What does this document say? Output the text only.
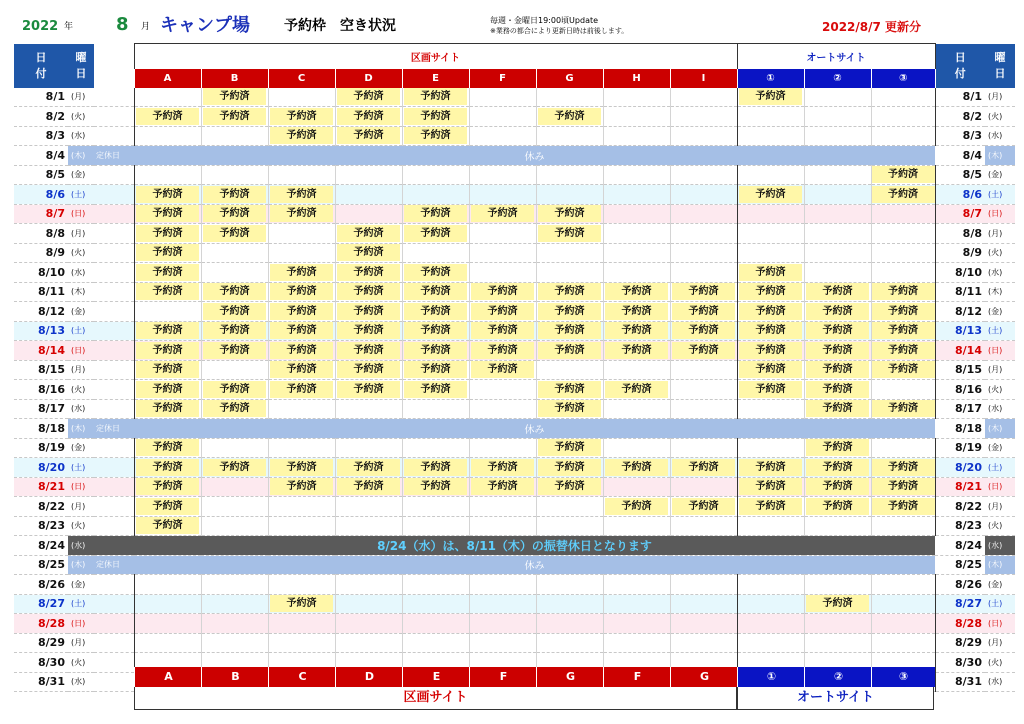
2022 年 8 月 キャンプ場 予約枠　空き状況	毎週・金曜日19:00頃Update
※業務の都合により更新日時は前後します。	2022/8/7 更新分
日
付	曜
日		区画サイト									オートサイト			日
付	曜
日
			A	B	C	D	E	F	G	H	I	①	②	③		
8/1	(月)			予約済		予約済	予約済					予約済			8/1	(月)
8/2	(火)		予約済	予約済	予約済	予約済	予約済		予約済						8/2	(火)
8/3	(水)				予約済	予約済	予約済								8/3	(水)
8/4	(木)	定休日	休み												8/4	(木)
8/5	(金)													予約済	8/5	(金)
8/6	(土)		予約済	予約済	予約済							予約済		予約済	8/6	(土)
8/7	(日)		予約済	予約済	予約済		予約済	予約済	予約済						8/7	(日)
8/8	(月)		予約済	予約済		予約済	予約済		予約済						8/8	(月)
8/9	(火)		予約済			予約済									8/9	(火)
8/10	(水)		予約済		予約済	予約済	予約済					予約済			8/10	(水)
8/11	(木)		予約済	予約済	予約済	予約済	予約済	予約済	予約済	予約済	予約済	予約済	予約済	予約済	8/11	(木)
8/12	(金)			予約済	予約済	予約済	予約済	予約済	予約済	予約済	予約済	予約済	予約済	予約済	8/12	(金)
8/13	(土)		予約済	予約済	予約済	予約済	予約済	予約済	予約済	予約済	予約済	予約済	予約済	予約済	8/13	(土)
8/14	(日)		予約済	予約済	予約済	予約済	予約済	予約済	予約済	予約済	予約済	予約済	予約済	予約済	8/14	(日)
8/15	(月)		予約済		予約済	予約済	予約済	予約済				予約済	予約済	予約済	8/15	(月)
8/16	(火)		予約済	予約済	予約済	予約済	予約済		予約済	予約済		予約済	予約済		8/16	(火)
8/17	(水)		予約済	予約済					予約済				予約済	予約済	8/17	(水)
8/18	(木)	定休日	休み												8/18	(木)
8/19	(金)		予約済						予約済				予約済		8/19	(金)
8/20	(土)		予約済	予約済	予約済	予約済	予約済	予約済	予約済	予約済	予約済	予約済	予約済	予約済	8/20	(土)
8/21	(日)		予約済		予約済	予約済	予約済	予約済	予約済			予約済	予約済	予約済	8/21	(日)
8/22	(月)		予約済							予約済	予約済	予約済	予約済	予約済	8/22	(月)
8/23	(火)		予約済												8/23	(火)
8/24	(水)	8/24（水）は、8/11（木）の振替休日となります													8/24	(水)
8/25	(木)	定休日	休み												8/25	(木)
8/26	(金)														8/26	(金)
8/27	(土)				予約済								予約済		8/27	(土)
8/28	(日)														8/28	(日)
8/29	(月)														8/29	(月)
8/30	(火)														8/30	(火)
8/31	(水)														8/31	(水)
A	B	C	D	E	F	G	F	G	①	②	③
区画サイト	オートサイト
